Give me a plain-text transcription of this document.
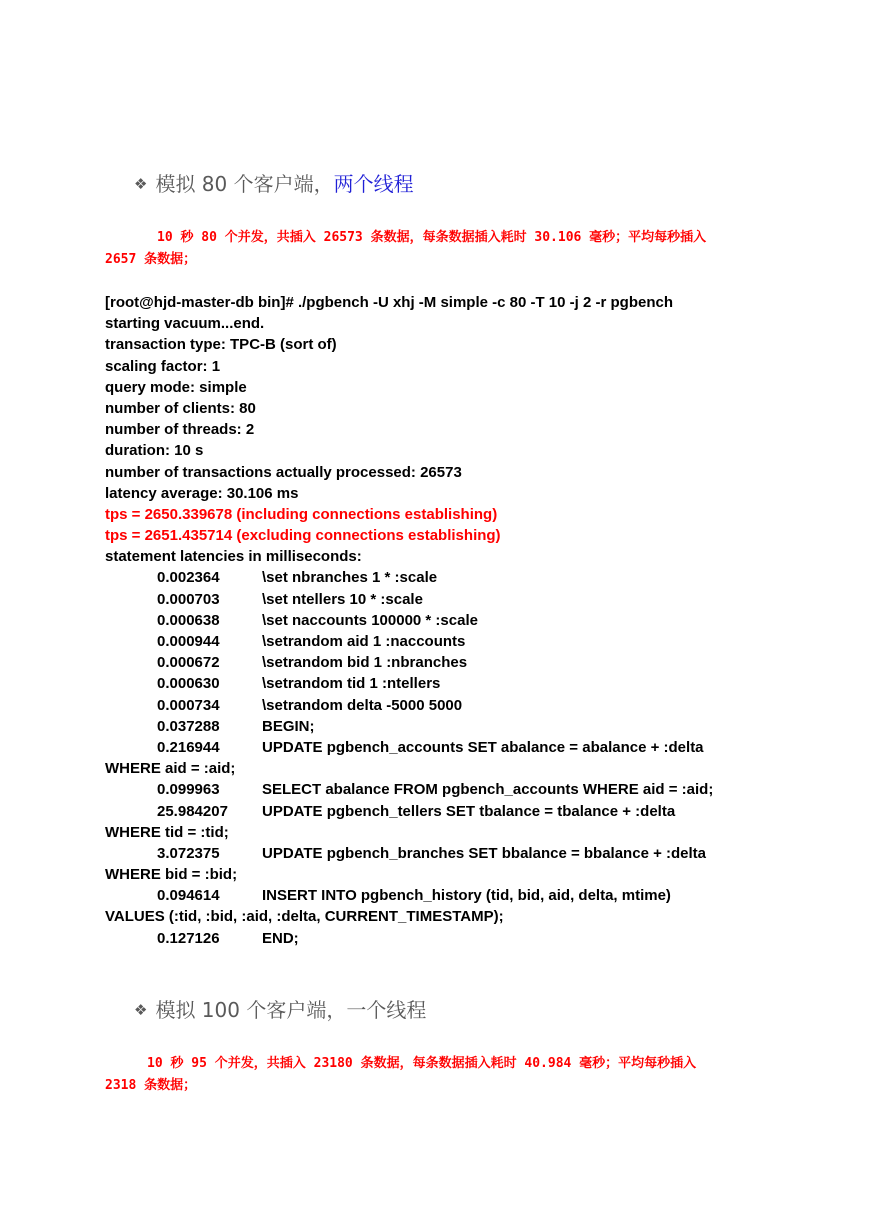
❖ 模拟 80 个客户端，两个线程
10 秒 80 个并发，共插入 26573 条数据，每条数据插入耗时 30.106 毫秒；平均每秒插入
2657 条数据；
[root@hjd-master-db bin]# ./pgbench -U xhj -M simple -c 80 -T 10 -j 2 -r pgbench
starting vacuum...end.
transaction type: TPC-B (sort of)
scaling factor: 1
query mode: simple
number of clients: 80
number of threads: 2
duration: 10 s
number of transactions actually processed: 26573
latency average: 30.106 ms
tps = 2650.339678 (including connections establishing)
tps = 2651.435714 (excluding connections establishing)
statement latencies in milliseconds:
0.002364	\set nbranches 1 * :scale
0.000703	\set ntellers 10 * :scale
0.000638	\set naccounts 100000 * :scale
0.000944	\setrandom aid 1 :naccounts
0.000672	\setrandom bid 1 :nbranches
0.000630	\setrandom tid 1 :ntellers
0.000734	\setrandom delta -5000 5000
0.037288	BEGIN;
0.216944	UPDATE pgbench_accounts SET abalance = abalance + :delta
WHERE aid = :aid;
0.099963	SELECT abalance FROM pgbench_accounts WHERE aid = :aid;
25.984207 UPDATE pgbench_tellers SET tbalance = tbalance + :delta
WHERE tid = :tid;
3.072375	UPDATE pgbench_branches SET bbalance = bbalance + :delta
WHERE bid = :bid;
0.094614	INSERT INTO pgbench_history (tid, bid, aid, delta, mtime)
VALUES (:tid, :bid, :aid, :delta, CURRENT_TIMESTAMP);
0.127126	END;
❖ 模拟 100 个客户端，一个线程
10 秒 95 个并发，共插入 23180 条数据，每条数据插入耗时 40.984 毫秒；平均每秒插入
2318 条数据；
